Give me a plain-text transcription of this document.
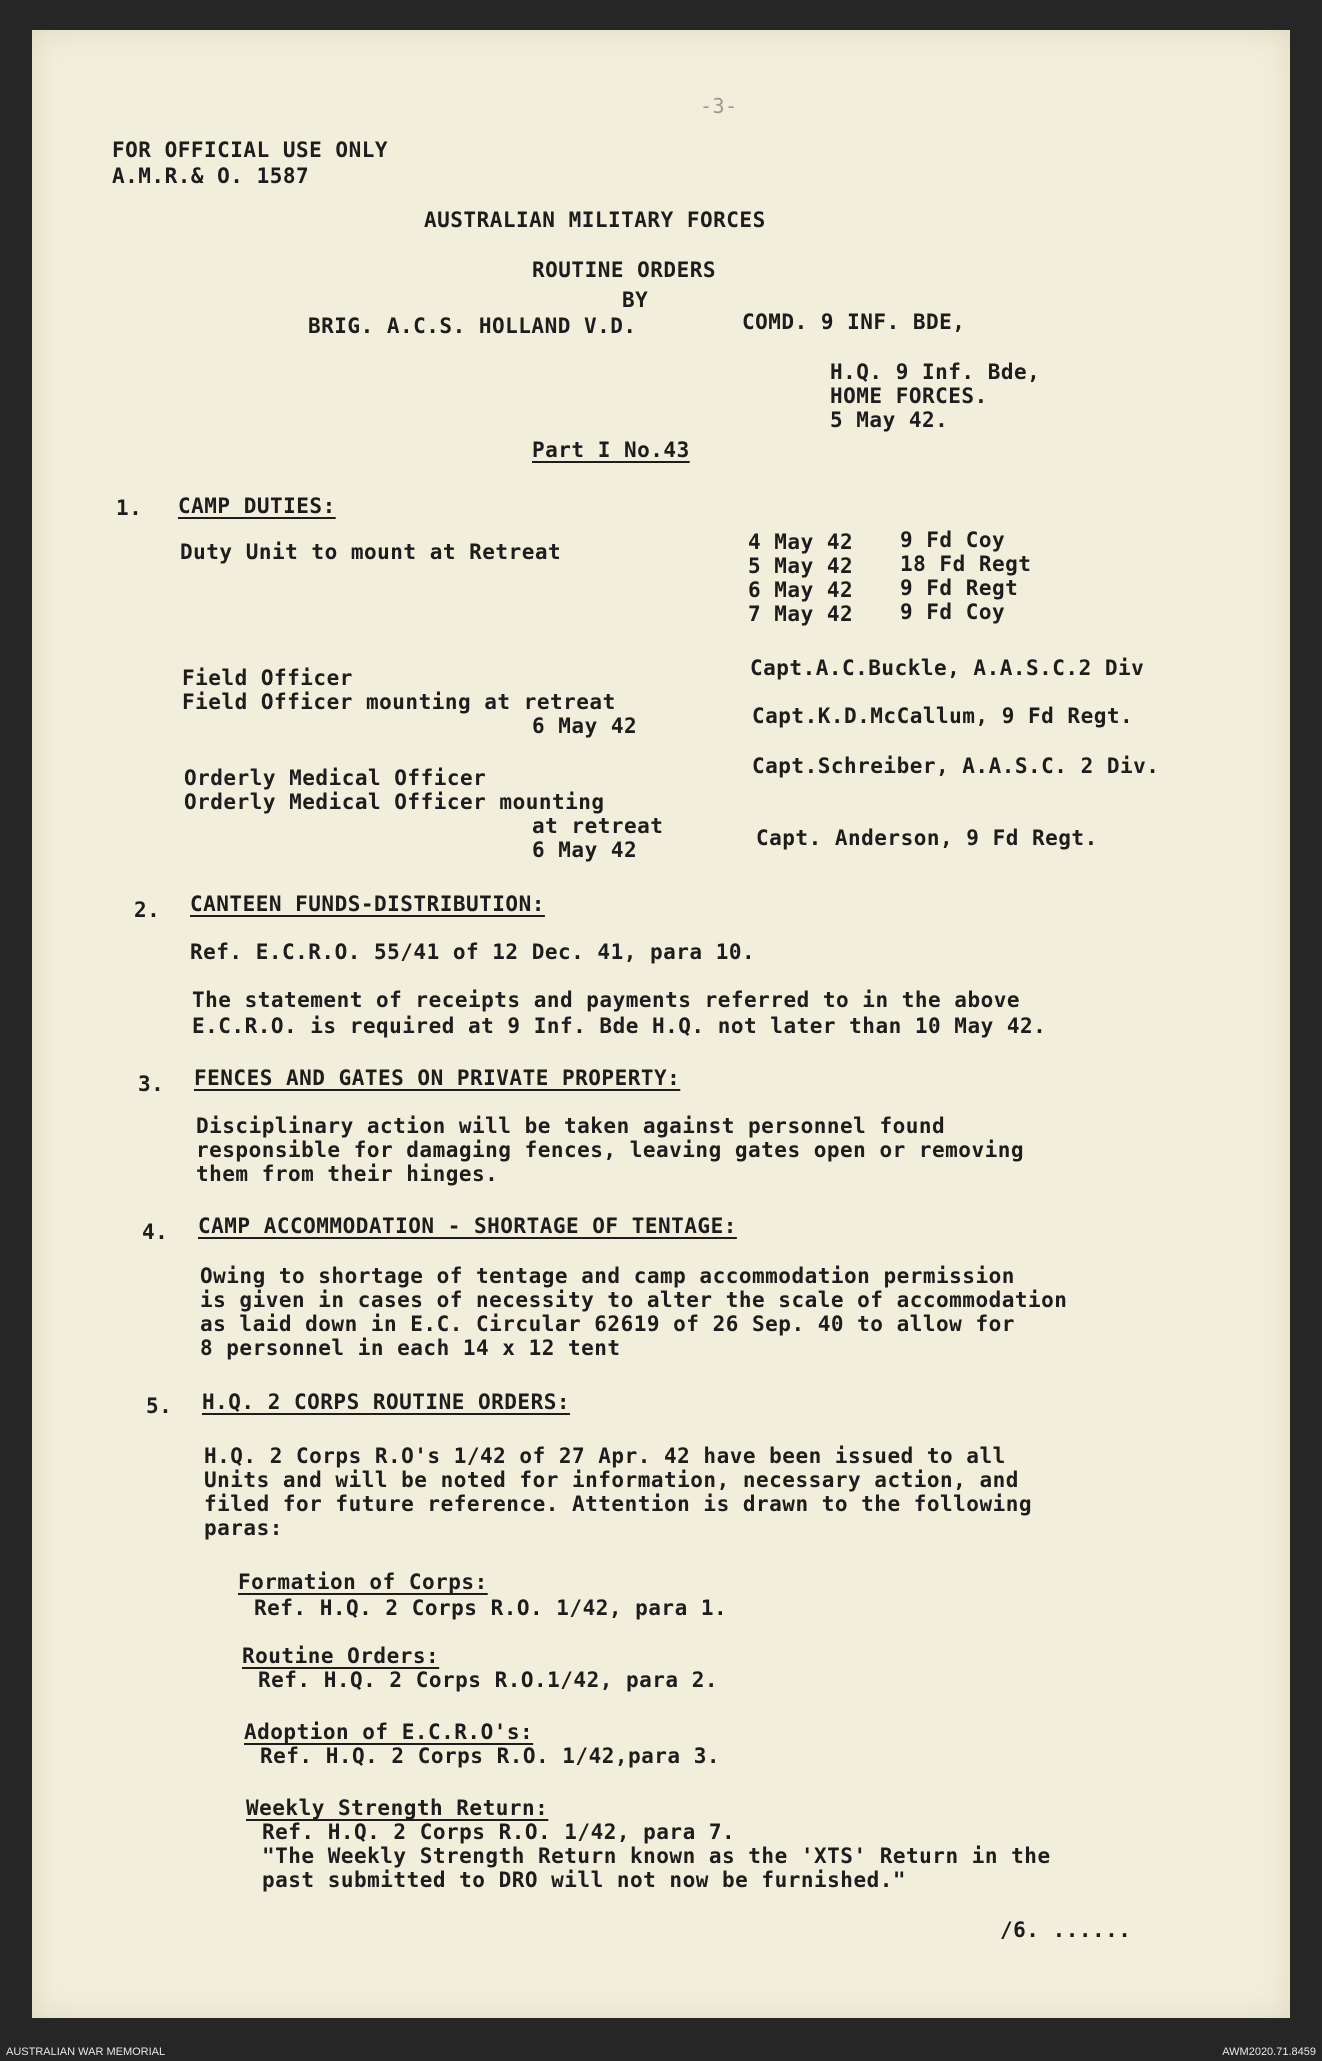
FOR OFFICIAL USE ONLY
A.M.R.& O. 1587
-3-
AUSTRALIAN MILITARY FORCES
ROUTINE ORDERS
BY
BRIG. A.C.S. HOLLAND V.D.	COMD. 9 INF. BDE,
H.Q. 9 Inf. Bde,
HOME FORCES.
5 May 42.
Part I No.43
1. CAMP DUTIES:
Duty Unit to mount at Retreat	4 May 42 9 Fd Coy
5 May 42 18 Fd Regt
6 May 42 9 Fd Regt
7 May 42 9 Fd Coy
Field Officer	Capt.A.C.Buckle, A.A.S.C.2 Div
Field Officer mounting at retreat
6 May 42	Capt.K.D.McCallum, 9 Fd Regt.
Orderly Medical Officer	Capt.Schreiber, A.A.S.C. 2 Div.
Orderly Medical Officer mounting
at retreat
6 May 42	Capt. Anderson, 9 Fd Regt.
2. CANTEEN FUNDS-DISTRIBUTION:
Ref. E.C.R.O. 55/41 of 12 Dec. 41, para 10.
The statement of receipts and payments referred to in the above
E.C.R.O. is required at 9 Inf. Bde H.Q. not later than 10 May 42.
3. FENCES AND GATES ON PRIVATE PROPERTY:
Disciplinary action will be taken against personnel found
responsible for damaging fences, leaving gates open or removing
them from their hinges.
4. CAMP ACCOMMODATION - SHORTAGE OF TENTAGE:
Owing to shortage of tentage and camp accommodation permission
is given in cases of necessity to alter the scale of accommodation
as laid down in E.C. Circular 62619 of 26 Sep. 40 to allow for
8 personnel in each 14 x 12 tent
5. H.Q. 2 CORPS ROUTINE ORDERS:
H.Q. 2 Corps R.O's 1/42 of 27 Apr. 42 have been issued to all
Units and will be noted for information, necessary action, and
filed for future reference. Attention is drawn to the following
paras:
Formation of Corps:
Ref. H.Q. 2 Corps R.O. 1/42, para 1.
Routine Orders:
Ref. H.Q. 2 Corps R.O.1/42, para 2.
Adoption of E.C.R.O's:
Ref. H.Q. 2 Corps R.O. 1/42,para 3.
Weekly Strength Return:
Ref. H.Q. 2 Corps R.O. 1/42, para 7.
"The Weekly Strength Return known as the 'XTS' Return in the
past submitted to DRO will not now be furnished."
/6. ......
AUSTRALIAN WAR MEMORIAL	AWM2020.71.8459
